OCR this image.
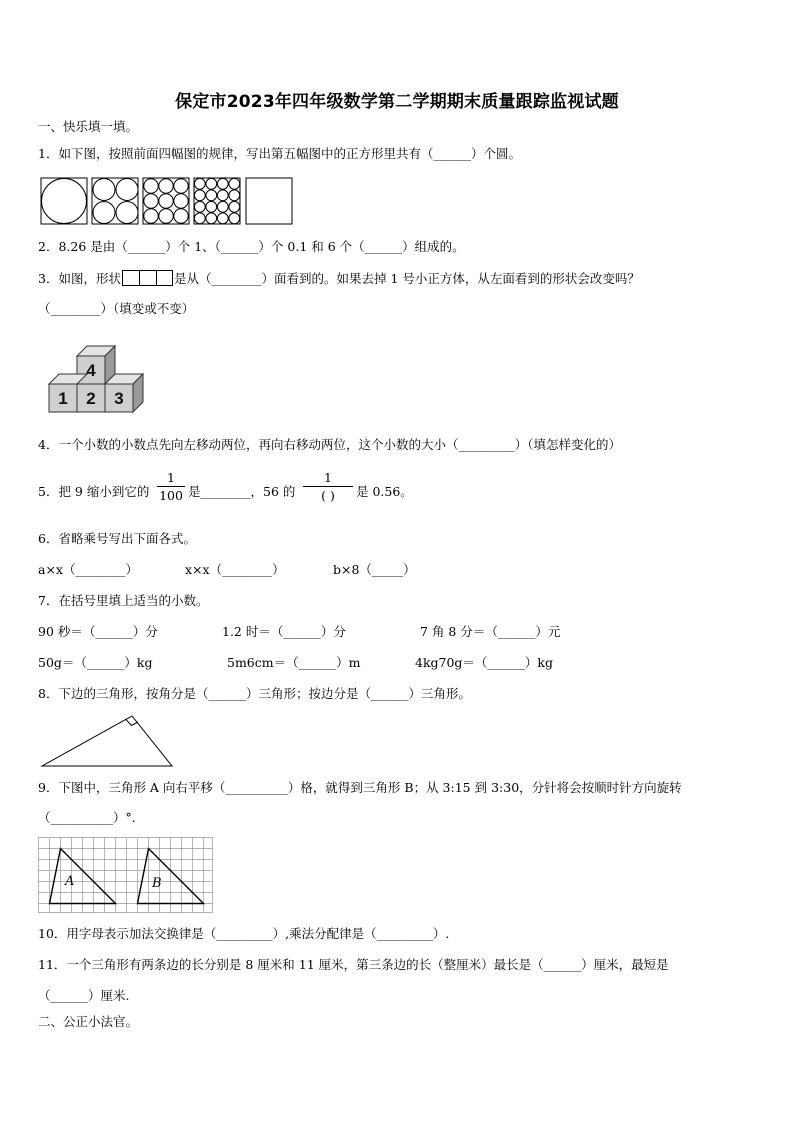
保定市2023年四年级数学第二学期期末质量跟踪监视试题
一、快乐填一填。
1．如下图，按照前面四幅图的规律，写出第五幅图中的正方形里共有（______）个圆。
2．8.26 是由（______）个 1、（______）个 0.1 和 6 个（______）组成的。
3．如图，形状	是从（________）面看到的。如果去掉 1 号小正方体，从左面看到的形状会改变吗？
（________）（填变或不变）
4
1 2 3
4．一个小数的小数点先向左移动两位，再向右移动两位，这个小数的大小（_________）（填怎样变化的）
5．把 9 缩小到它的
1
100 是________，56 的
1
( )	是 0.56。
6．省略乘号写出下面各式。
a×x（________）	x×x（________）	b×8（_____）
7．在括号里填上适当的小数。
90 秒＝（______）分	1.2 时＝（______）分	7 角 8 分＝（______）元
50g＝（______）kg	5m6cm＝（______）m	4kg70g＝（______）kg
8．下边的三角形，按角分是（______）三角形；按边分是（______）三角形。
9．下图中，三角形 A 向右平移（__________）格，就得到三角形 B；从 3:15 到 3:30，分针将会按顺时针方向旋转
（__________）°.
A	B
10．用字母表示加法交换律是（_________）,乘法分配律是（_________）.
11．一个三角形有两条边的长分别是 8 厘米和 11 厘米，第三条边的长（整厘米）最长是（______）厘米，最短是
（______）厘米.
二、公正小法官。
